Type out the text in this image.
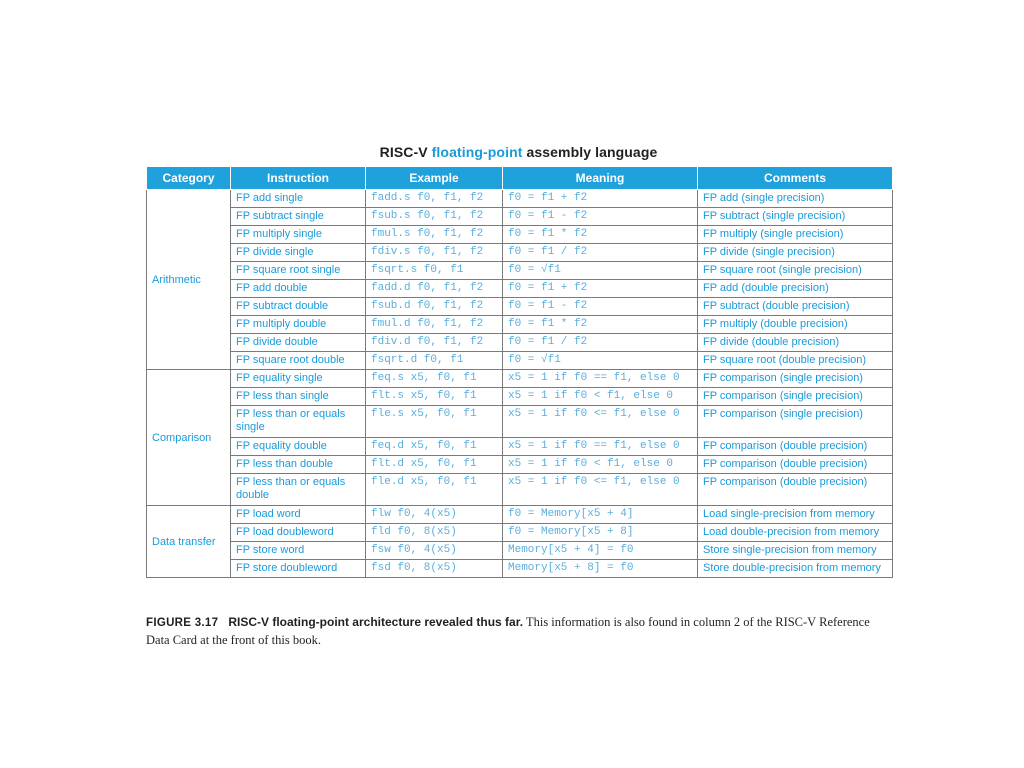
RISC-V floating-point assembly language
Category	Instruction	Example	Meaning	Comments
Arithmetic	FP add single	fadd.s f0, f1, f2	f0 = f1 + f2	FP add (single precision)
	FP subtract single	fsub.s f0, f1, f2	f0 = f1 - f2	FP subtract (single precision)
	FP multiply single	fmul.s f0, f1, f2	f0 = f1 * f2	FP multiply (single precision)
	FP divide single	fdiv.s f0, f1, f2	f0 = f1 / f2	FP divide (single precision)
	FP square root single	fsqrt.s f0, f1	f0 = √f1	FP square root (single precision)
	FP add double	fadd.d f0, f1, f2	f0 = f1 + f2	FP add (double precision)
	FP subtract double	fsub.d f0, f1, f2	f0 = f1 - f2	FP subtract (double precision)
	FP multiply double	fmul.d f0, f1, f2	f0 = f1 * f2	FP multiply (double precision)
	FP divide double	fdiv.d f0, f1, f2	f0 = f1 / f2	FP divide (double precision)
	FP square root double	fsqrt.d f0, f1	f0 = √f1	FP square root (double precision)
Comparison	FP equality single	feq.s x5, f0, f1	x5 = 1 if f0 == f1, else 0	FP comparison (single precision)
	FP less than single	flt.s x5, f0, f1	x5 = 1 if f0 < f1, else 0	FP comparison (single precision)
	FP less than or equals single	fle.s x5, f0, f1	x5 = 1 if f0 <= f1, else 0	FP comparison (single precision)
	FP equality double	feq.d x5, f0, f1	x5 = 1 if f0 == f1, else 0	FP comparison (double precision)
	FP less than double	flt.d x5, f0, f1	x5 = 1 if f0 < f1, else 0	FP comparison (double precision)
	FP less than or equals double	fle.d x5, f0, f1	x5 = 1 if f0 <= f1, else 0	FP comparison (double precision)
Data transfer	FP load word	flw f0, 4(x5)	f0 = Memory[x5 + 4]	Load single-precision from memory
	FP load doubleword	fld f0, 8(x5)	f0 = Memory[x5 + 8]	Load double-precision from memory
	FP store word	fsw f0, 4(x5)	Memory[x5 + 4] = f0	Store single-precision from memory
	FP store doubleword	fsd f0, 8(x5)	Memory[x5 + 8] = f0	Store double-precision from memory
FIGURE 3.17 RISC-V floating-point architecture revealed thus far. This information is also found in column 2 of the RISC-V Reference Data Card at the front of this book.
